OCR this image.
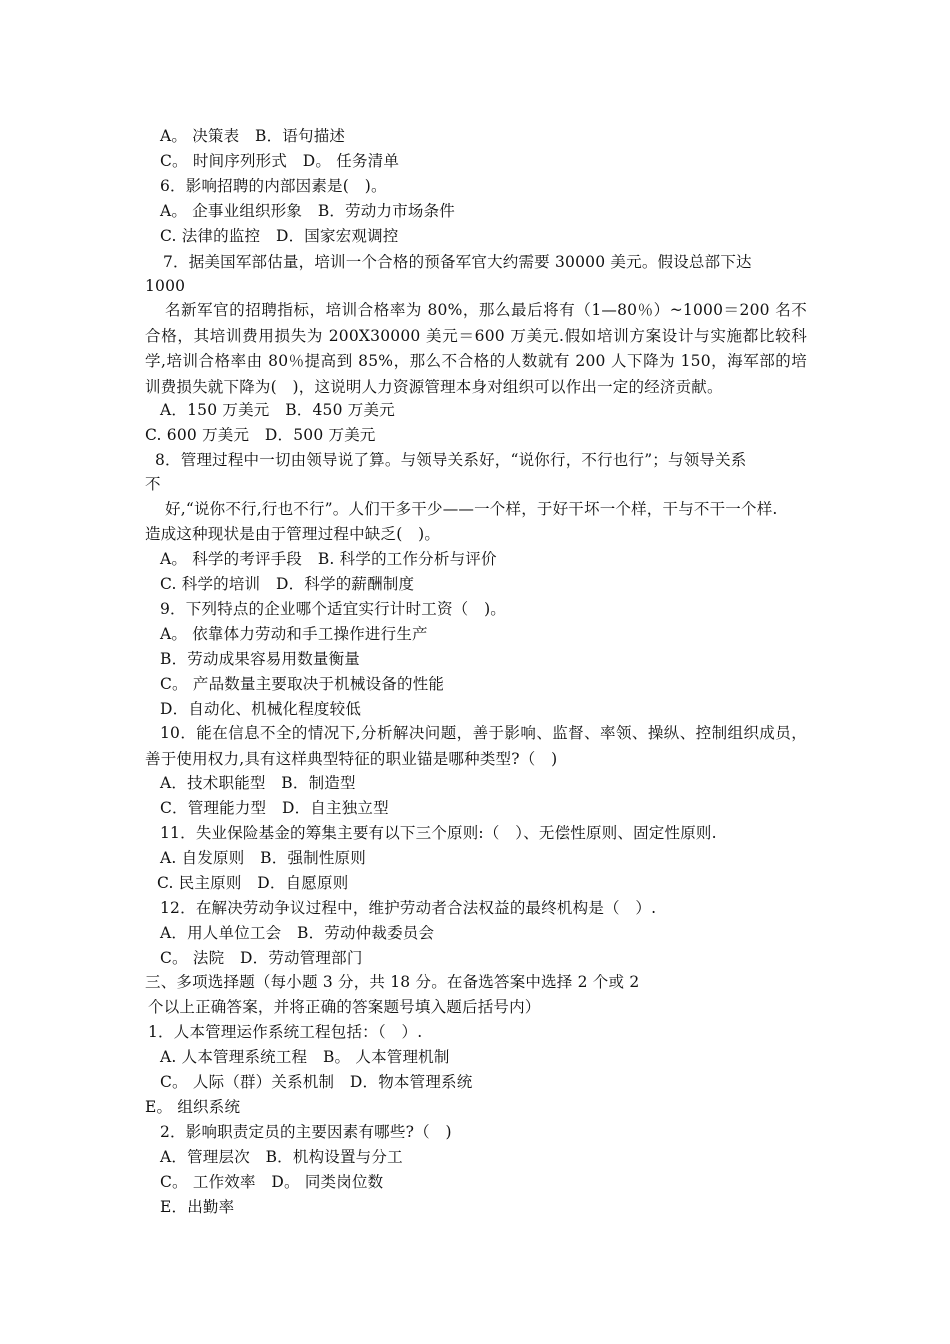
A。 决策表　B．语句描述
C。 时间序列形式　D。 任务清单
6．影响招聘的内部因素是(　)。
A。 企事业组织形象　B．劳动力市场条件
C. 法律的监控　D．国家宏观调控
7．据美国军部估量，培训一个合格的预备军官大约需要 30000 美元。假设总部下达
1000
名新军官的招聘指标，培训合格率为 80%，那么最后将有（1—80％）~1000＝200 名不合格，其培训费用损失为 200X30000 美元＝600 万美元.假如培训方案设计与实施都比较科学,培训合格率由 80％提高到 85%，那么不合格的人数就有 200 人下降为 150，海军部的培训费损失就下降为(　)，这说明人力资源管理本身对组织可以作出一定的经济贡献。
A．150 万美元　B．450 万美元
C. 600 万美元　D．500 万美元
8．管理过程中一切由领导说了算。与领导关系好，“说你行，不行也行”；与领导关系
不
好,“说你不行,行也不行”。人们干多干少——一个样，于好干坏一个样，干与不干一个样.
造成这种现状是由于管理过程中缺乏(　)。
A。 科学的考评手段　B. 科学的工作分析与评价
C. 科学的培训　D．科学的薪酬制度
9．下列特点的企业哪个适宜实行计时工资（　)。
A。 依靠体力劳动和手工操作进行生产
B．劳动成果容易用数量衡量
C。 产品数量主要取决于机械设备的性能
D．自动化、机械化程度较低
10．能在信息不全的情况下,分析解决问题，善于影响、监督、率领、操纵、控制组织成员，善于使用权力,具有这样典型特征的职业锚是哪种类型?（　)
A．技术职能型　B．制造型
C．管理能力型　D．自主独立型
11．失业保险基金的筹集主要有以下三个原则:（　）、无偿性原则、固定性原则.
A. 自发原则　B．强制性原则
C. 民主原则　D．自愿原则
12．在解决劳动争议过程中，维护劳动者合法权益的最终机构是（　）.
A．用人单位工会　B．劳动仲裁委员会
C。 法院　D．劳动管理部门
三、多项选择题（每小题 3 分，共 18 分。在备选答案中选择 2 个或 2
个以上正确答案，并将正确的答案题号填入题后括号内）
1．人本管理运作系统工程包括：（　）.
A. 人本管理系统工程　B。 人本管理机制
C。 人际（群）关系机制　D．物本管理系统
E。 组织系统
2．影响职责定员的主要因素有哪些?（　)
A．管理层次　B．机构设置与分工
C。 工作效率　D。 同类岗位数
E．出勤率
